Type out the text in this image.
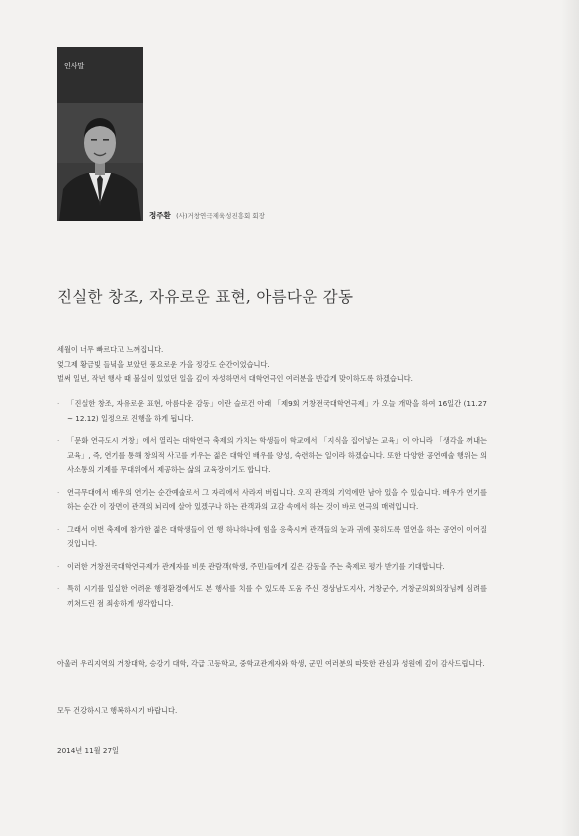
인사말
정주환 (사)거창연극제육성진흥회 회장
진실한 창조, 자유로운 표현, 아름다운 감동

세월이 너무 빠르다고 느껴집니다.

엊그제 황금빛 들녘을 보았던 풍요로운 가을 정강도 순간이었습니다.

벌써 일년, 작년 행사 때 불실이 있었던 일을 깊이 자성하면서 대학연극인 여러분을 반갑게 맞이하도록 하겠습니다.

· 「진실한 창조, 자유로운 표현, 아름다운 감동」이란 슬로건 아래 「제9회 거창전국대학연극제」가 오늘 개막을 하여 16일간 (11.27 ~ 12.12) 일정으로 진행을 하게 됩니다.
· 「문화 연극도시 거창」에서 열리는 대학연극 축제의 가치는 학생들이 학교에서 「지식을 집어넣는 교육」이 아니라 「생각을 꺼내는 교육」, 즉, 연기를 통해 창의적 사고를 키우는 젊은 대학인 배우를 양성, 숙련하는 일이라 하겠습니다. 또한 다양한 공연예술 행위는 의사소통의 기제를 무대위에서 제공하는 삶의 교육장이기도 합니다.
· 연극무대에서 배우의 연기는 순간예술로서 그 자리에서 사라져 버립니다. 오직 관객의 기억에만 남아 있을 수 있습니다. 배우가 연기를 하는 순간 이 장면이 관객의 뇌리에 살아 있겠구나 하는 관객과의 교감 속에서 하는 것이 바로 연극의 매력입니다.
· 그래서 이번 축제에 참가한 젊은 대학생들이 언 행 하나하나에 힘을 응축시켜 관객들의 눈과 귀에 꽂히도록 열연을 하는 공연이 이어질 것입니다.
· 이러한 거창전국대학연극제가 관계자를 비롯 관람객(학생, 주민)들에게 깊은 감동을 주는 축제로 평가 받기를 기대합니다.
· 특히 시기를 일실한 어려운 행정환경에서도 본 행사를 치를 수 있도록 도움 주신 경상남도지사, 거창군수, 거창군의회의장님께 심려를 끼쳐드린 점 죄송하게 생각합니다.
아울러 우리지역의 거창대학, 승강기 대학, 각급 고등학교, 중학교관계자와 학생, 군민 여러분의 따뜻한 관심과 성원에 깊이 감사드립니다.
모두 건강하시고 행복하시기 바랍니다.
2014년 11월 27일
